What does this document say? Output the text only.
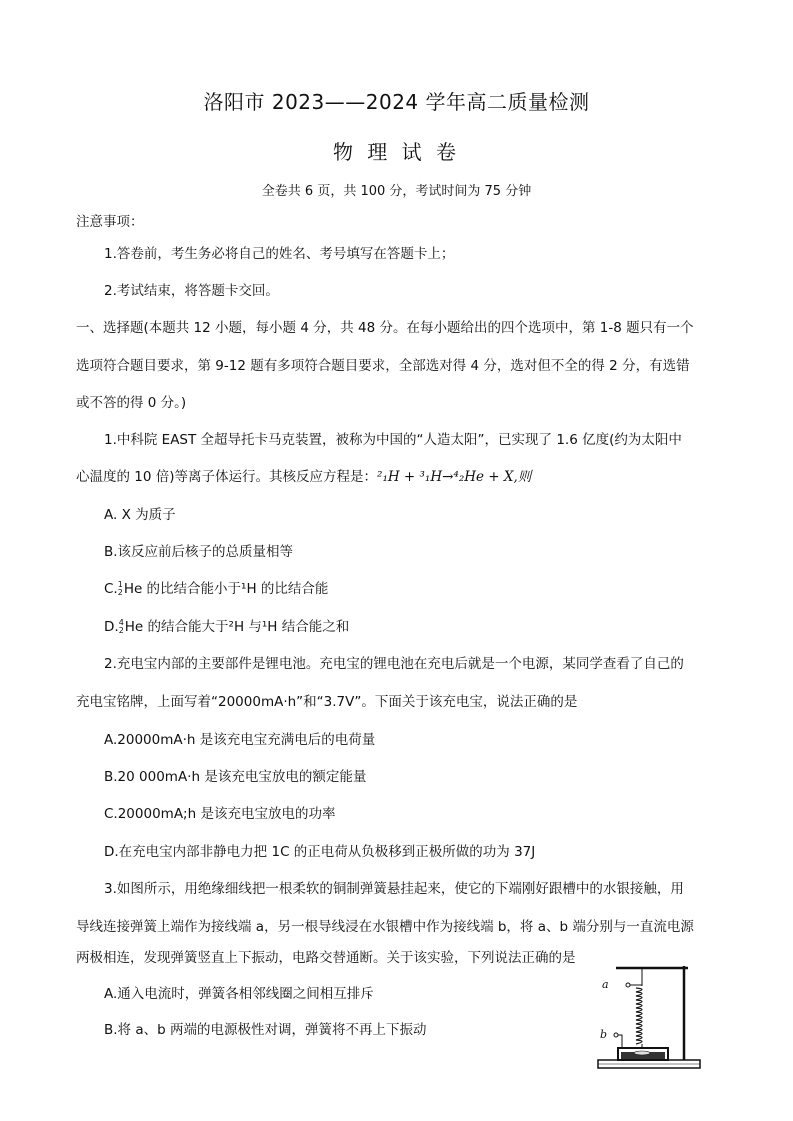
洛阳市 2023——2024 学年高二质量检测
物 理 试 卷
全卷共 6 页，共 100 分，考试时间为 75 分钟
注意事项：
1.答卷前，考生务必将自己的姓名、考号填写在答题卡上；
2.考试结束，将答题卡交回。
一、选择题(本题共 12 小题，每小题 4 分，共 48 分。在每小题给出的四个选项中，第 1-8 题只有一个
选项符合题目要求，第 9-12 题有多项符合题目要求，全部选对得 4 分，选对但不全的得 2 分，有选错
或不答的得 0 分。)
1.中科院 EAST 全超导托卡马克装置，被称为中国的“人造太阳”，已实现了 1.6 亿度(约为太阳中
心温度的 10 倍)等离子体运行。其核反应方程是：²₁H + ³₁H→⁴₂He + X,则
A. X 为质子
B.该反应前后核子的总质量相等
C. 1
2 He 的比结合能小于¹H 的比结合能
D. 4
2 He 的结合能大于²H 与¹H 结合能之和
2.充电宝内部的主要部件是锂电池。充电宝的锂电池在充电后就是一个电源，某同学查看了自己的
充电宝铭牌，上面写着“20000mA·h”和“3.7V”。下面关于该充电宝，说法正确的是
A.20000mA·h 是该充电宝充满电后的电荷量
B.20 000mA·h 是该充电宝放电的额定能量
C.20000mA;h 是该充电宝放电的功率
D.在充电宝内部非静电力把 1C 的正电荷从负极移到正极所做的功为 37J
3.如图所示，用绝缘细线把一根柔软的铜制弹簧悬挂起来，使它的下端刚好跟槽中的水银接触，用
导线连接弹簧上端作为接线端 a，另一根导线浸在水银槽中作为接线端 b，将 a、b 端分别与一直流电源
两极相连，发现弹簧竖直上下振动，电路交替通断。关于该实验，下列说法正确的是
A.通入电流时，弹簧各相邻线圈之间相互排斥
B.将 a、b 两端的电源极性对调，弹簧将不再上下振动
a
b
